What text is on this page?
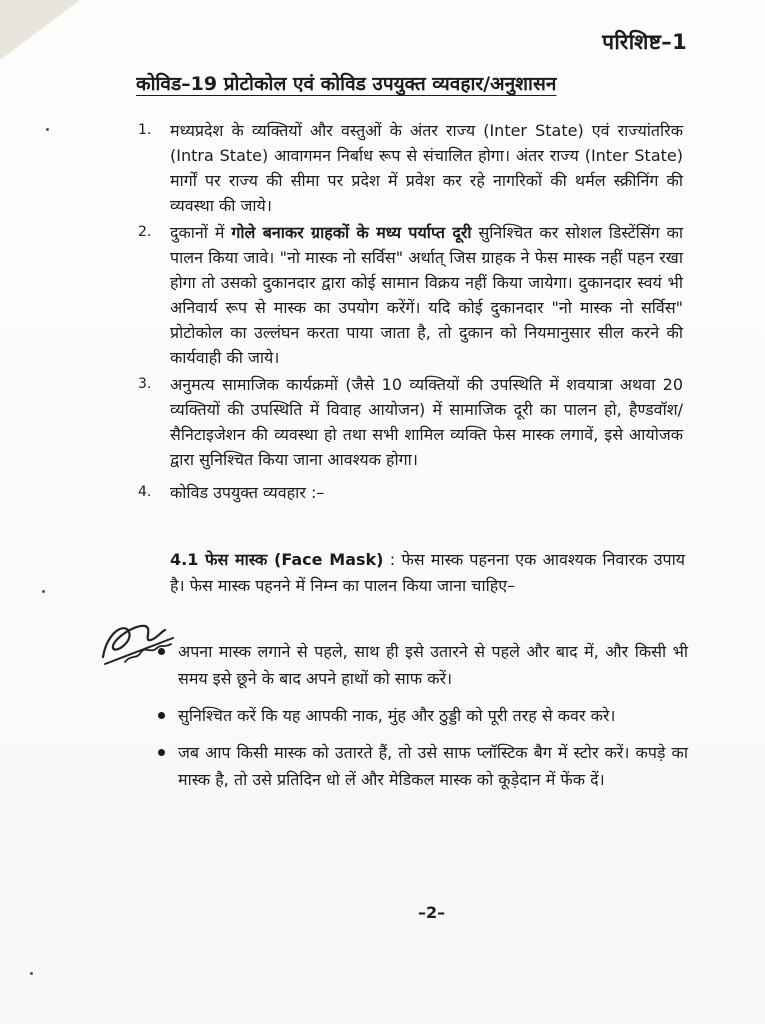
परिशिष्ट–1
कोविड–19 प्रोटोकोल एवं कोविड उपयुक्त व्यवहार/अनुशासन
1. मध्यप्रदेश के व्यक्तियों और वस्तुओं के अंतर राज्य (Inter State) एवं राज्यांतरिक (Intra State) आवागमन निर्बाध रूप से संचालित होगा। अंतर राज्य (Inter State) मार्गों पर राज्य की सीमा पर प्रदेश में प्रवेश कर रहे नागरिकों की थर्मल स्क्रीनिंग की व्यवस्था की जाये।
2. दुकानों में गोले बनाकर ग्राहकों के मध्य पर्याप्त दूरी सुनिश्चित कर सोशल डिस्टेंसिंग का पालन किया जावे। "नो मास्क नो सर्विस" अर्थात् जिस ग्राहक ने फेस मास्क नहीं पहन रखा होगा तो उसको दुकानदार द्वारा कोई सामान विक्रय नहीं किया जायेगा। दुकानदार स्वयं भी अनिवार्य रूप से मास्क का उपयोग करेंगें। यदि कोई दुकानदार "नो मास्क नो सर्विस" प्रोटोकोल का उल्लंघन करता पाया जाता है, तो दुकान को नियमानुसार सील करने की कार्यवाही की जाये।
3. अनुमत्य सामाजिक कार्यक्रमों (जैसे 10 व्यक्तियों की उपस्थिति में शवयात्रा अथवा 20 व्यक्तियों की उपस्थिति में विवाह आयोजन) में सामाजिक दूरी का पालन हो, हैण्डवॉश/सैनिटाइजेशन की व्यवस्था हो तथा सभी शामिल व्यक्ति फेस मास्क लगावें, इसे आयोजक द्वारा सुनिश्चित किया जाना आवश्यक होगा।
4. कोविड उपयुक्त व्यवहार :–
4.1 फेस मास्क (Face Mask) : फेस मास्क पहनना एक आवश्यक निवारक उपाय है। फेस मास्क पहनने में निम्न का पालन किया जाना चाहिए–
अपना मास्क लगाने से पहले, साथ ही इसे उतारने से पहले और बाद में, और किसी भी समय इसे छूने के बाद अपने हाथों को साफ करें।
सुनिश्चित करें कि यह आपकी नाक, मुंह और ठुड्डी को पूरी तरह से कवर करे।
जब आप किसी मास्क को उतारते हैं, तो उसे साफ प्लॉस्टिक बैग में स्टोर करें। कपड़े का मास्क है, तो उसे प्रतिदिन धो लें और मेडिकल मास्क को कूड़ेदान में फेंक दें।
–2–
